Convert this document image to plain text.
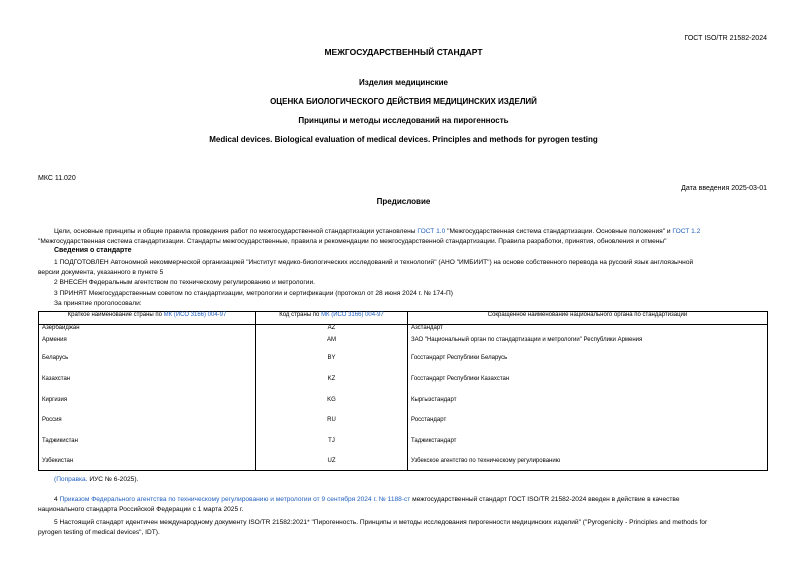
ГОСТ ISO/TR 21582-2024
МЕЖГОСУДАРСТВЕННЫЙ СТАНДАРТ
Изделия медицинские
ОЦЕНКА БИОЛОГИЧЕСКОГО ДЕЙСТВИЯ МЕДИЦИНСКИХ ИЗДЕЛИЙ
Принципы и методы исследований на пирогенность
Medical devices. Biological evaluation of medical devices. Principles and methods for pyrogen testing
МКС 11.020
Дата введения 2025-03-01
Предисловие
Цели, основные принципы и общие правила проведения работ по межгосударственной стандартизации установлены ГОСТ 1.0 "Межгосударственная система стандартизации. Основные положения" и ГОСТ 1.2
"Межгосударственная система стандартизации. Стандарты межгосударственные, правила и рекомендации по межгосударственной стандартизации. Правила разработки, принятия, обновления и отмены"
Сведения о стандарте
1 ПОДГОТОВЛЕН Автономной некоммерческой организацией "Институт медико-биологических исследований и технологий" (АНО "ИМБИИТ") на основе собственного перевода на русский язык англоязычной
версии документа, указанного в пункте 5
2 ВНЕСЕН Федеральным агентством по техническому регулированию и метрологии.
3 ПРИНЯТ Межгосударственным советом по стандартизации, метрологии и сертификации (протокол от 28 июня 2024 г. № 174-П)
За принятие проголосовали:
Краткое наименование страны по МК (ИСО 3166) 004-97	Код страны по МК (ИСО 3166) 004-97	Сокращенное наименование национального органа по стандартизации
Азербайджан	AZ	Азстандарт
Армения	AM	ЗАО "Национальный орган по стандартизации и метрологии" Республики Армения
Беларусь	BY	Госстандарт Республики Беларусь
Казахстан	KZ	Госстандарт Республики Казахстан
Киргизия	KG	Кыргызстандарт
Россия	RU	Росстандарт
Таджикистан	TJ	Таджикстандарт
Узбекистан	UZ	Узбекское агентство по техническому регулированию
(Поправка. ИУС № 6-2025).
4 Приказом Федерального агентства по техническому регулированию и метрологии от 9 сентября 2024 г. № 1188-ст межгосударственный стандарт ГОСТ ISO/TR 21582-2024 введен в действие в качестве
национального стандарта Российской Федерации с 1 марта 2025 г.
5 Настоящий стандарт идентичен международному документу ISO/TR 21582:2021* "Пирогенность. Принципы и методы исследования пирогенности медицинских изделий" ("Pyrogenicity - Principles and methods for
pyrogen testing of medical devices", IDT).
